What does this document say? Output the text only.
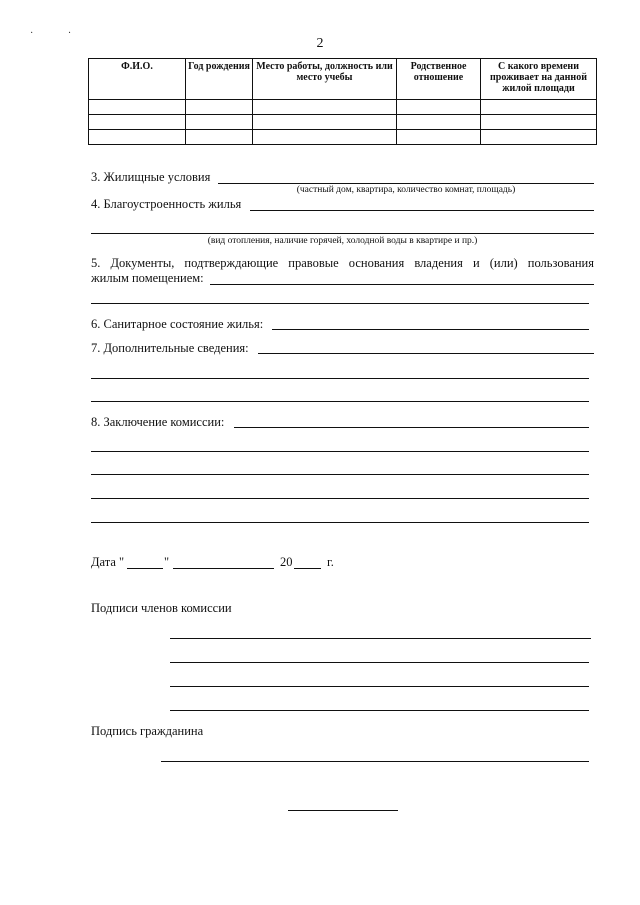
· ·
2
Ф.И.О.	Год рождения	Место работы, должность или место учебы	Родственное отношение	С какого времени проживает на данной жилой площади

3. Жилищные условия
(частный дом, квартира, количество комнат, площадь)
4. Благоустроенность жилья
(вид отопления, наличие горячей, холодной воды в квартире и пр.)
5. Документы, подтверждающие правовые основания владения и (или) пользования
жилым помещением:
6. Санитарное состояние жилья:
7. Дополнительные сведения:
8. Заключение комиссии:
Дата "	"	20	г.
Подписи членов комиссии
Подпись гражданина
